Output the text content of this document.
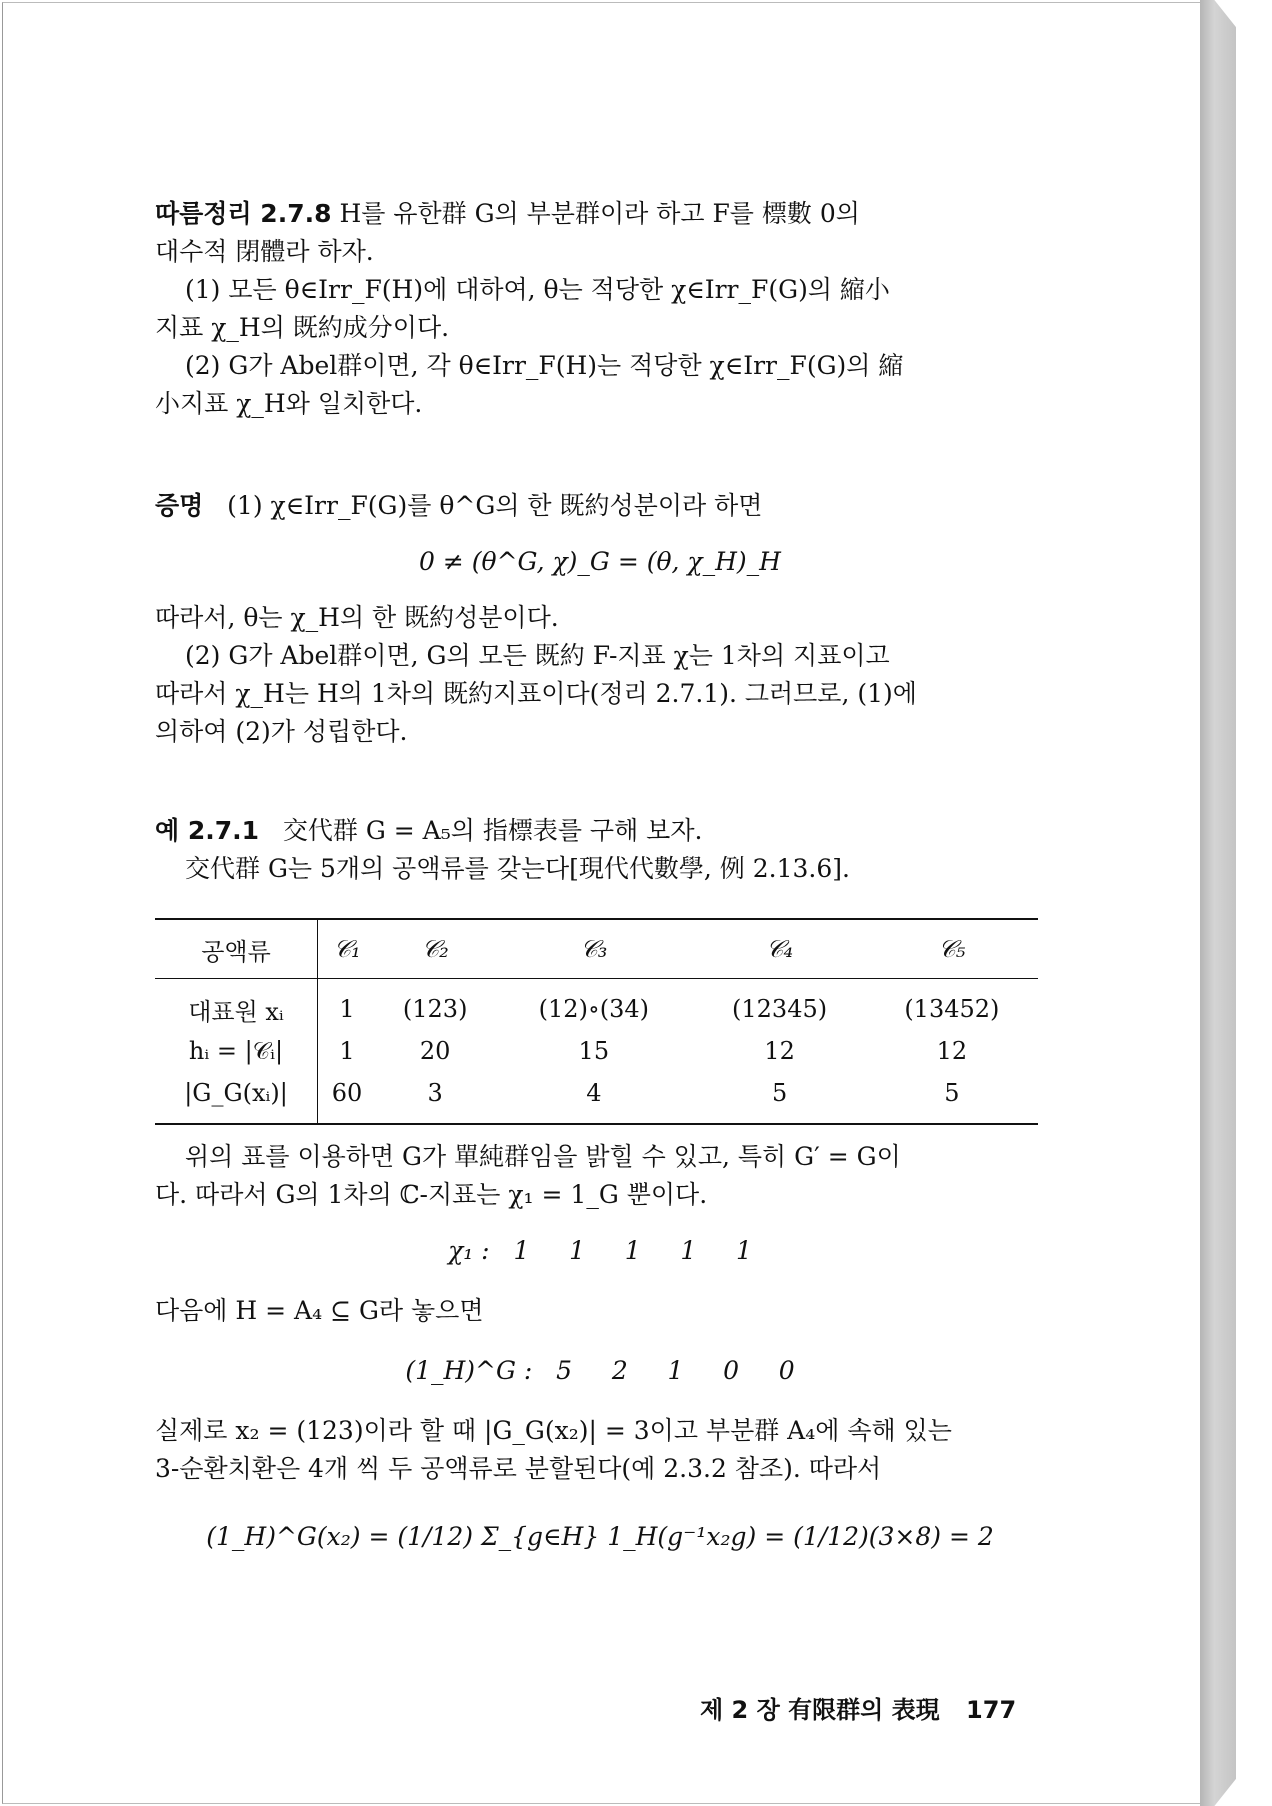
따름정리 2.7.8 H를 유한群 G의 부분群이라 하고 F를 標數 0의
대수적 閉體라 하자.
(1) 모든 θ∈Irr_F(H)에 대하여, θ는 적당한 χ∈Irr_F(G)의 縮小
지표 χ_H의 既約成分이다.
(2) G가 Abel群이면, 각 θ∈Irr_F(H)는 적당한 χ∈Irr_F(G)의 縮
小지표 χ_H와 일치한다.
증명 (1) χ∈Irr_F(G)를 θ^G의 한 既約성분이라 하면
0 ≠ (θ^G, χ)_G = (θ, χ_H)_H
따라서, θ는 χ_H의 한 既約성분이다.
(2) G가 Abel群이면, G의 모든 既約 F-지표 χ는 1차의 지표이고
따라서 χ_H는 H의 1차의 既約지표이다(정리 2.7.1). 그러므로, (1)에
의하여 (2)가 성립한다.
예 2.7.1 交代群 G = A₅의 指標表를 구해 보자.
交代群 G는 5개의 공액류를 갖는다[現代代數學, 例 2.13.6].
공액류	𝒞₁	𝒞₂	𝒞₃	𝒞₄	𝒞₅
대표원 xᵢ	1	(123)	(12)∘(34)	(12345)	(13452)
hᵢ = |𝒞ᵢ|	1	20	15	12	12
|G_G(xᵢ)|	60	3	4	5	5
위의 표를 이용하면 G가 單純群임을 밝힐 수 있고, 특히 G′ = G이
다. 따라서 G의 1차의 ℂ-지표는 χ₁ = 1_G 뿐이다.
χ₁ :   1     1     1     1     1
다음에 H = A₄ ⊆ G라 놓으면
(1_H)^G :   5     2     1     0     0
실제로 x₂ = (123)이라 할 때 |G_G(x₂)| = 3이고 부분群 A₄에 속해 있는
3-순환치환은 4개 씩 두 공액류로 분할된다(예 2.3.2 참조). 따라서
(1_H)^G(x₂) = (1/12) Σ_{g∈H} 1_H(g⁻¹x₂g) = (1/12)(3×8) = 2
제 2 장 有限群의 表現 177
